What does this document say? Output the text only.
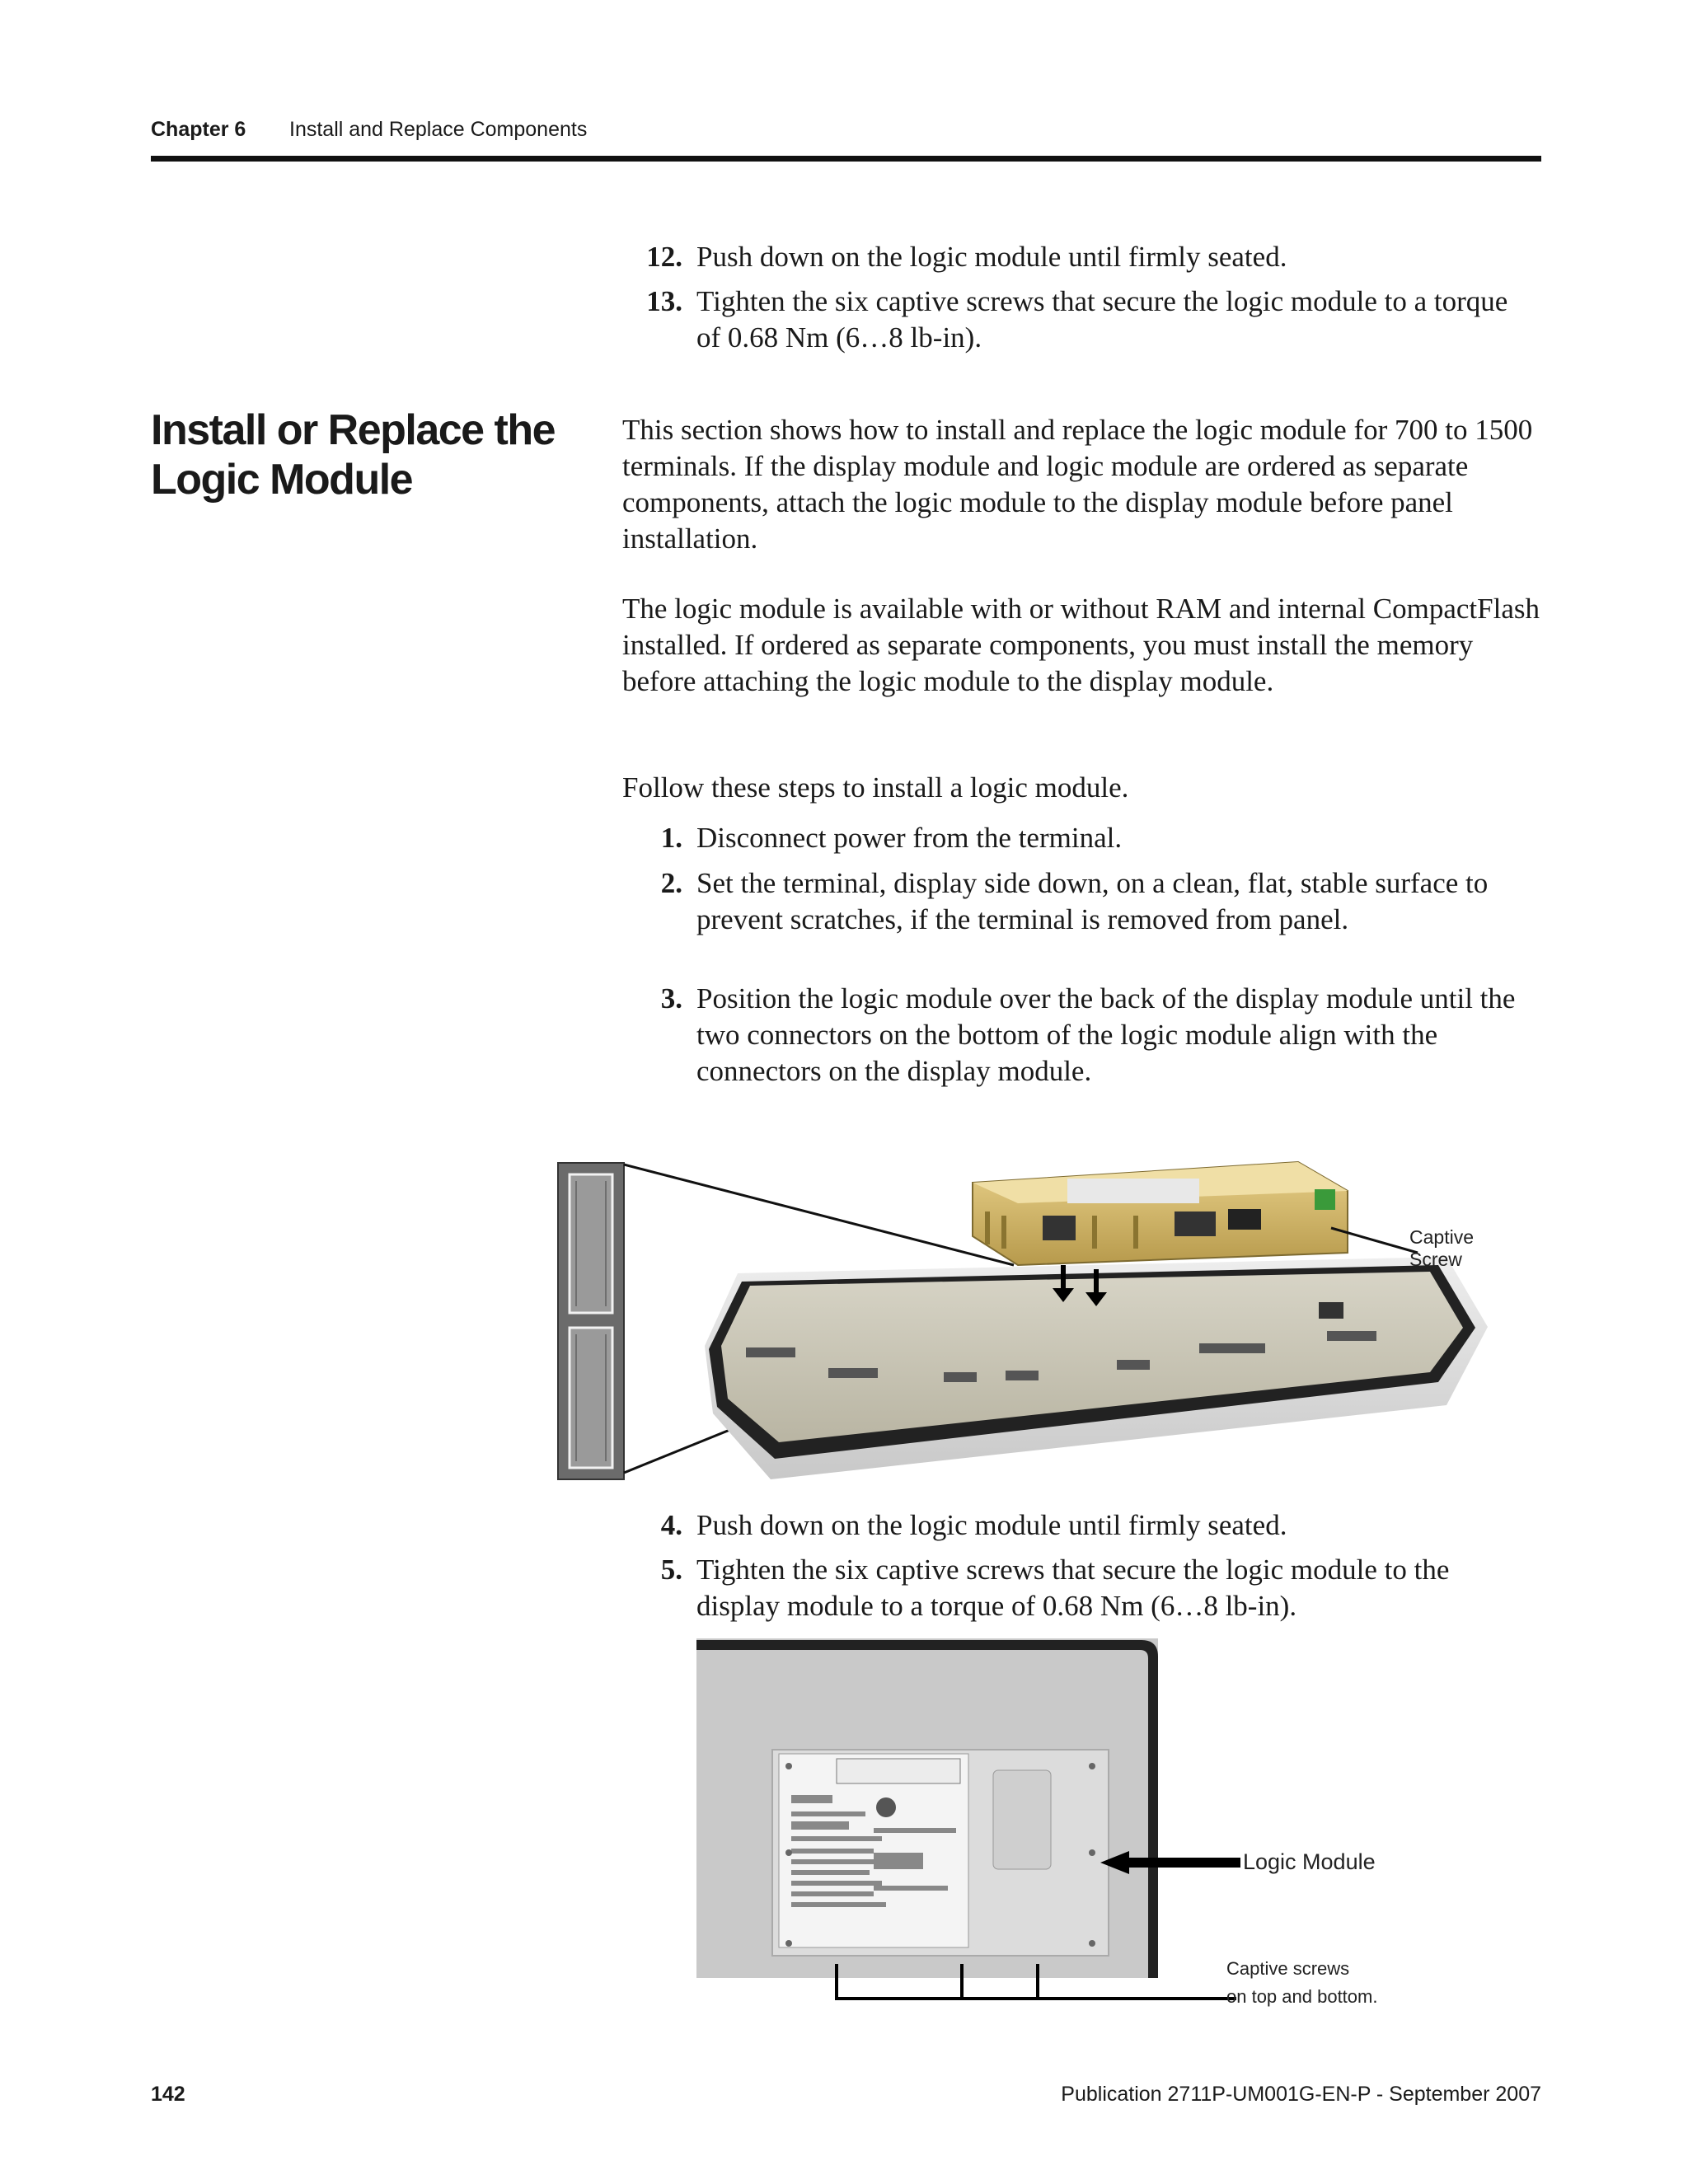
Chapter 6 Install and Replace Components
12. Push down on the logic module until firmly seated.
13. Tighten the six captive screws that secure the logic module to a torque of 0.68 Nm (6…8 lb-in).
Install or Replace the Logic Module
This section shows how to install and replace the logic module for 700 to 1500 terminals. If the display module and logic module are ordered as separate components, attach the logic module to the display module before panel installation.
The logic module is available with or without RAM and internal CompactFlash installed. If ordered as separate components, you must install the memory before attaching the logic module to the display module.
Follow these steps to install a logic module.
1. Disconnect power from the terminal.
2. Set the terminal, display side down, on a clean, flat, stable surface to prevent scratches, if the terminal is removed from panel.
3. Position the logic module over the back of the display module until the two connectors on the bottom of the logic module align with the connectors on the display module.
Captive
Screw
4. Push down on the logic module until firmly seated.
5. Tighten the six captive screws that secure the logic module to the display module to a torque of 0.68 Nm (6…8 lb-in).
Logic Module
Captive screws
on top and bottom.
142	Publication 2711P-UM001G-EN-P - September 2007
